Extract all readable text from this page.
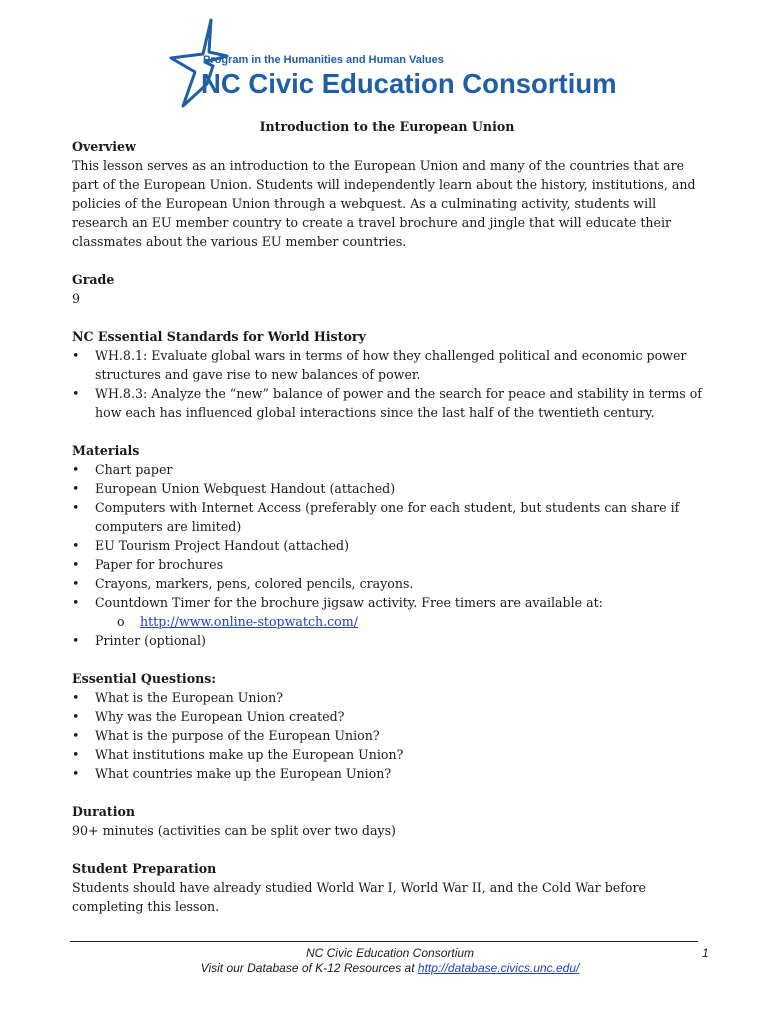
Program in the Humanities and Human Values
NC Civic Education Consortium

Introduction to the European Union

Overview

This lesson serves as an introduction to the European Union and many of the countries that are part of the European Union. Students will independently learn about the history, institutions, and policies of the European Union through a webquest. As a culminating activity, students will research an EU member country to create a travel brochure and jingle that will educate their classmates about the various EU member countries.

Grade

9

NC Essential Standards for World History

• WH.8.1: Evaluate global wars in terms of how they challenged political and economic power structures and gave rise to new balances of power.
• WH.8.3: Analyze the “new” balance of power and the search for peace and stability in terms of how each has influenced global interactions since the last half of the twentieth century.

Materials

• Chart paper
• European Union Webquest Handout (attached)
• Computers with Internet Access (preferably one for each student, but students can share if computers are limited)
• EU Tourism Project Handout (attached)
• Paper for brochures
• Crayons, markers, pens, colored pencils, crayons.
• Countdown Timer for the brochure jigsaw activity. Free timers are available at:
o http://www.online-stopwatch.com/
• Printer (optional)

Essential Questions:

• What is the European Union?
• Why was the European Union created?
• What is the purpose of the European Union?
• What institutions make up the European Union?
• What countries make up the European Union?

Duration

90+ minutes (activities can be split over two days)

Student Preparation

Students should have already studied World War I, World War II, and the Cold War before completing this lesson.

NC Civic Education Consortium
Visit our Database of K-12 Resources at http://database.civics.unc.edu/
1
